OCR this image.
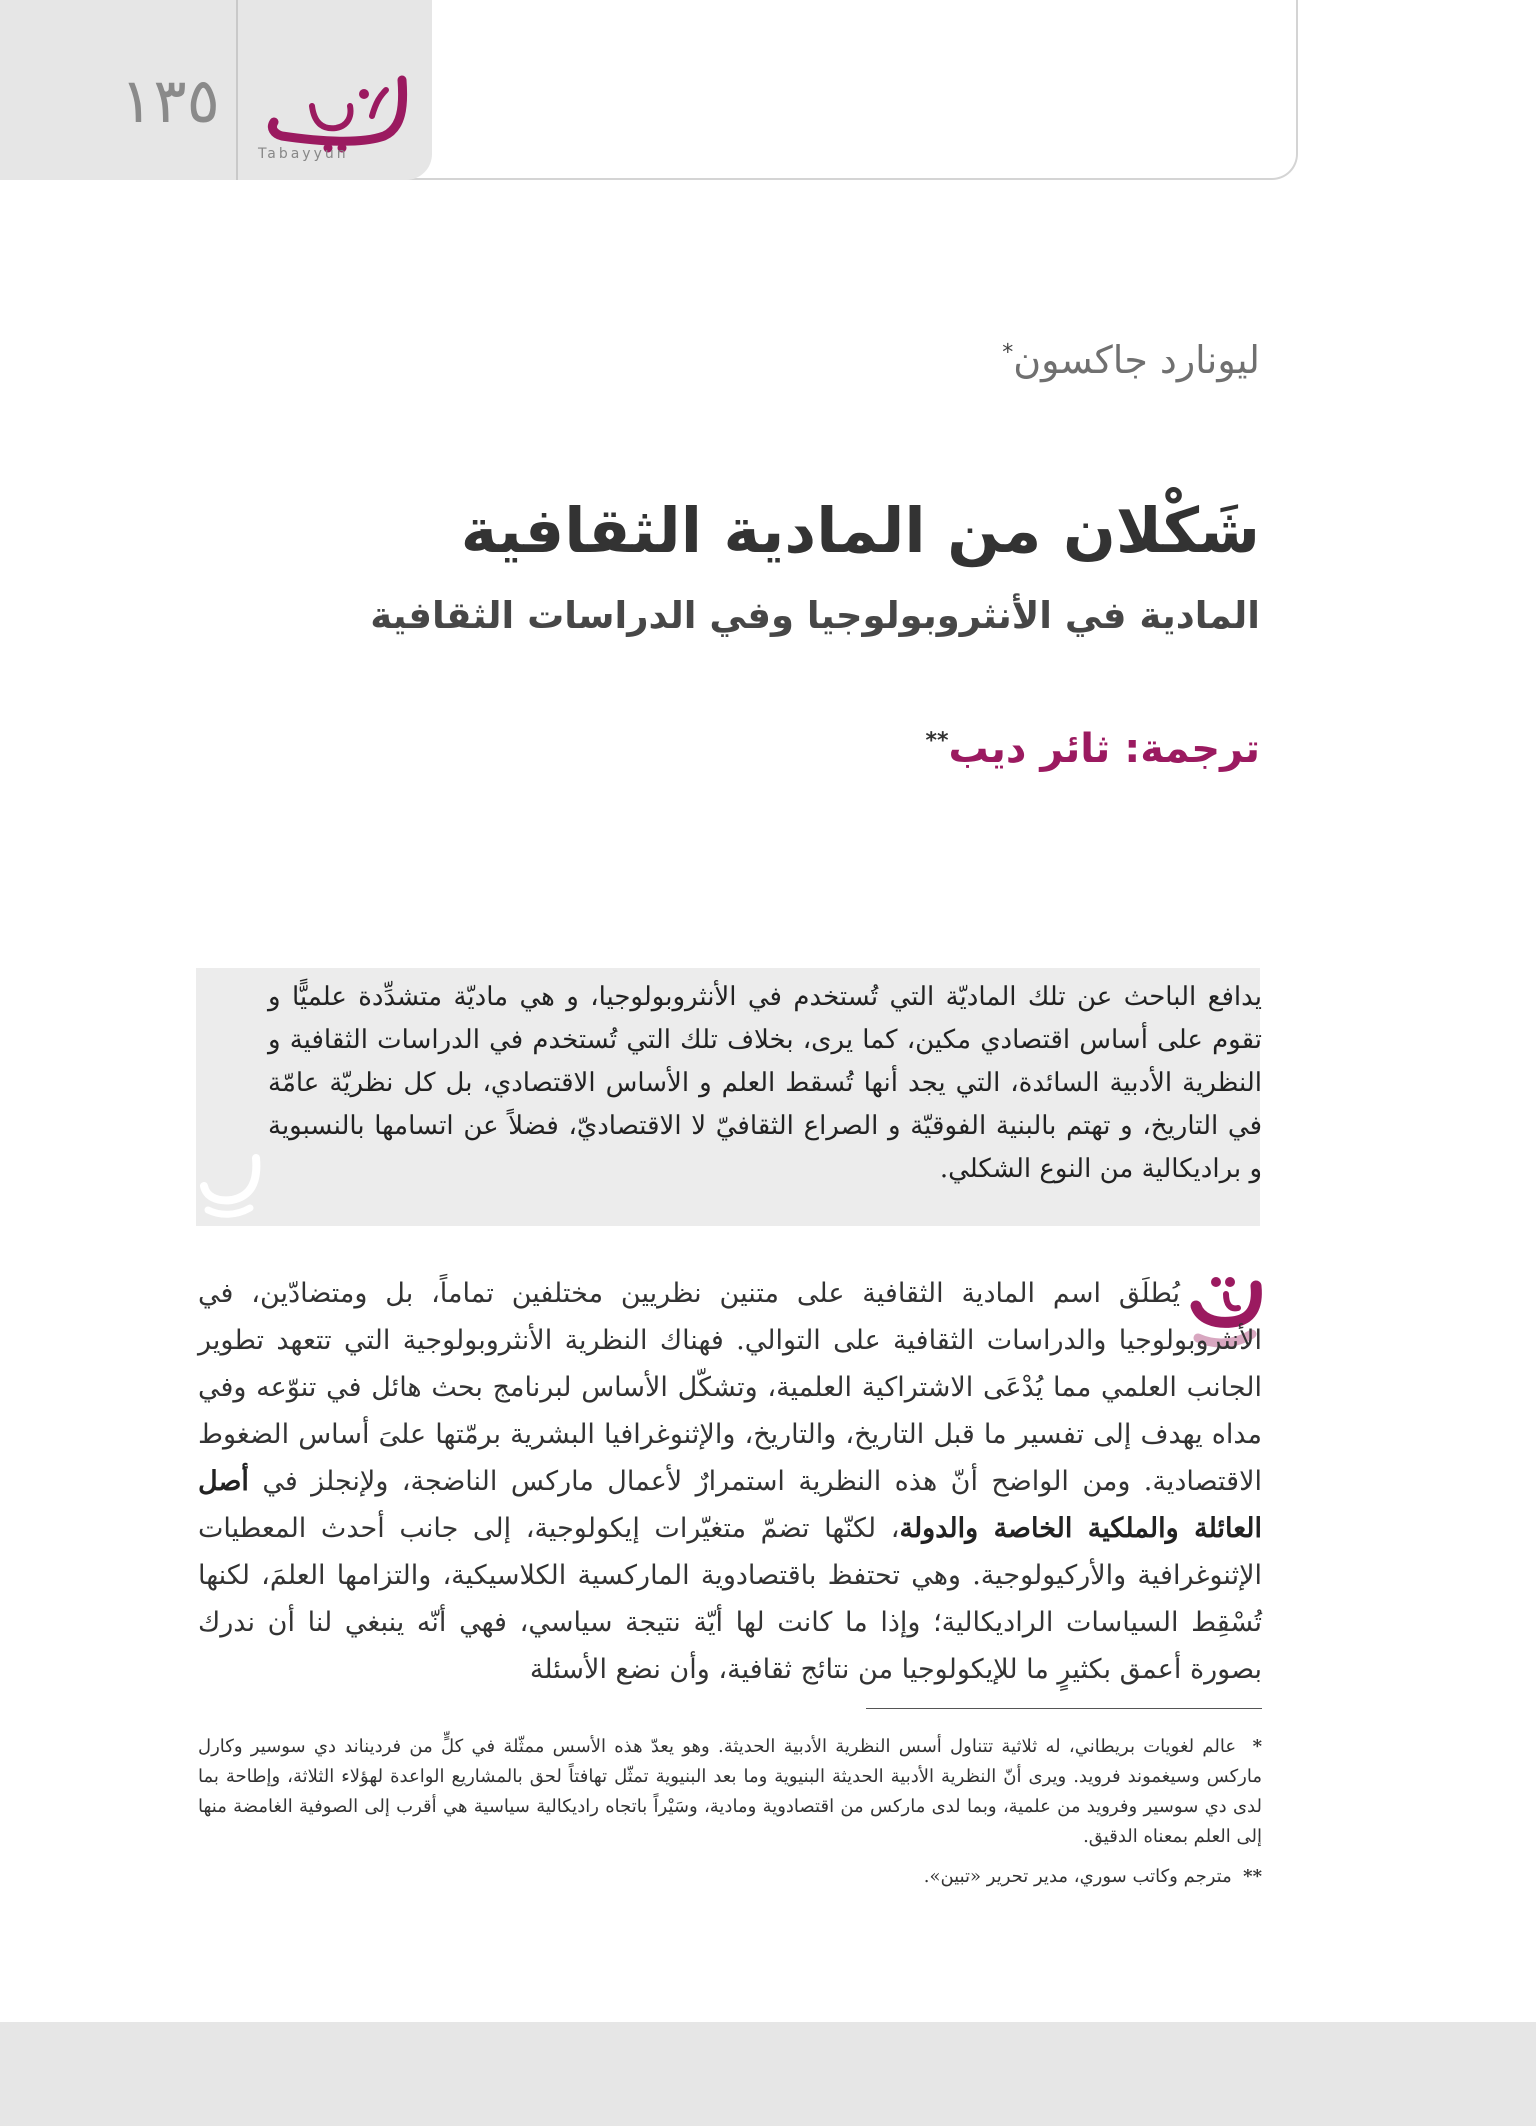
١٣٥
Tabayyun
ليونارد جاكسون*
شَكْلان من المادية الثقافية
المادية في الأنثروبولوجيا وفي الدراسات الثقافية
ترجمة: ثائر ديب**
يدافع الباحث عن تلك الماديّة التي تُستخدم في الأنثروبولوجيا، و هي ماديّة متشدِّدة علميًّا و تقوم على أساس اقتصادي مكين، كما يرى، بخلاف تلك التي تُستخدم في الدراسات الثقافية و النظرية الأدبية السائدة، التي يجد أنها تُسقط العلم و الأساس الاقتصادي، بل كل نظريّة عامّة في التاريخ، و تهتم بالبنية الفوقيّة و الصراع الثقافيّ لا الاقتصاديّ، فضلاً عن اتسامها بالنسبوية و براديكالية من النوع الشكلي.
يُطلَق اسم المادية الثقافية على متنين نظريين مختلفين تماماً، بل ومتضادّين، في الأنثروبولوجيا والدراسات الثقافية على التوالي. فهناك النظرية الأنثروبولوجية التي تتعهد تطوير الجانب العلمي مما يُدْعَى الاشتراكية العلمية، وتشكّل الأساس لبرنامج بحث هائل في تنوّعه وفي مداه يهدف إلى تفسير ما قبل التاريخ، والتاريخ، والإثنوغرافيا البشرية برمّتها علىَ أساس الضغوط الاقتصادية. ومن الواضح أنّ هذه النظرية استمرارٌ لأعمال ماركس الناضجة، ولإنجلز في أصل العائلة والملكية الخاصة والدولة، لكنّها تضمّ متغيّرات إيكولوجية، إلى جانب أحدث المعطيات الإثنوغرافية والأركيولوجية. وهي تحتفظ باقتصادوية الماركسية الكلاسيكية، والتزامها العلمَ، لكنها تُسْقِط السياسات الراديكالية؛ وإذا ما كانت لها أيّة نتيجة سياسي، فهي أنّه ينبغي لنا أن ندرك بصورة أعمق بكثيرٍ ما للإيكولوجيا من نتائج ثقافية، وأن نضع الأسئلة

*  عالم لغويات بريطاني، له ثلاثية تتناول أسس النظرية الأدبية الحديثة. وهو يعدّ هذه الأسس ممثّلة في كلٍّ من فرديناند دي سوسير وكارل ماركس وسيغموند فرويد. ويرى أنّ النظرية الأدبية الحديثة البنيوية وما بعد البنيوية تمثّل تهافتاً لحق بالمشاريع الواعدة لهؤلاء الثلاثة، وإطاحة بما لدى دي سوسير وفرويد من علمية، وبما لدى ماركس من اقتصادوية ومادية، وسَيْراً باتجاه راديكالية سياسية هي أقرب إلى الصوفية الغامضة منها إلى العلم بمعناه الدقيق.

**  مترجم وكاتب سوري، مدير تحرير «تبين».
